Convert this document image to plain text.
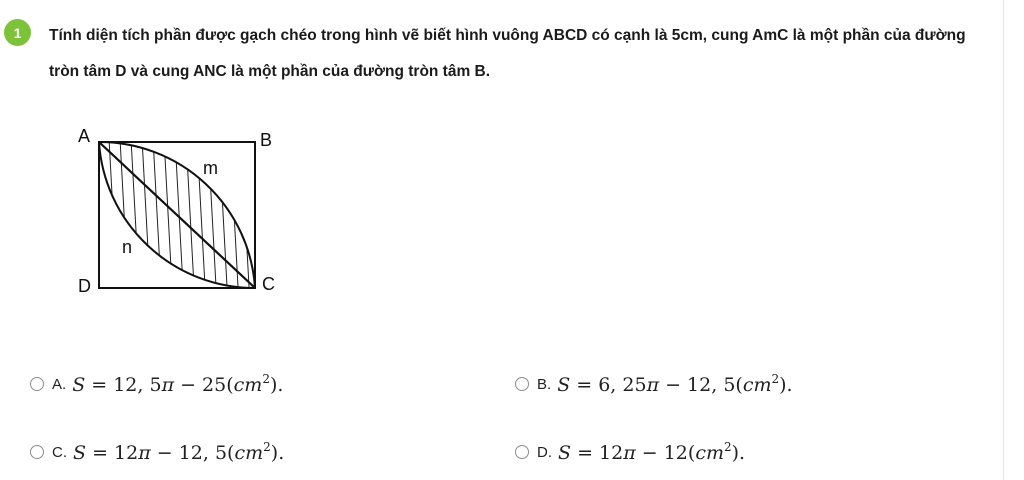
1	Tính diện tích phần được gạch chéo trong hình vẽ biết hình vuông ABCD có cạnh là 5cm, cung AmC là một phần của đường tròn tâm D và cung ANC là một phần của đường tròn tâm B.
A	B
C
D
m
n
A. S = 12, $5\pi - 25(cm^2)$.	B. S = 6, 25π − 12, $5(cm^2)$.
C. S = 12π − 12, $5(cm^2)$.	D. $S = 12\pi - 12(cm^2)$.
